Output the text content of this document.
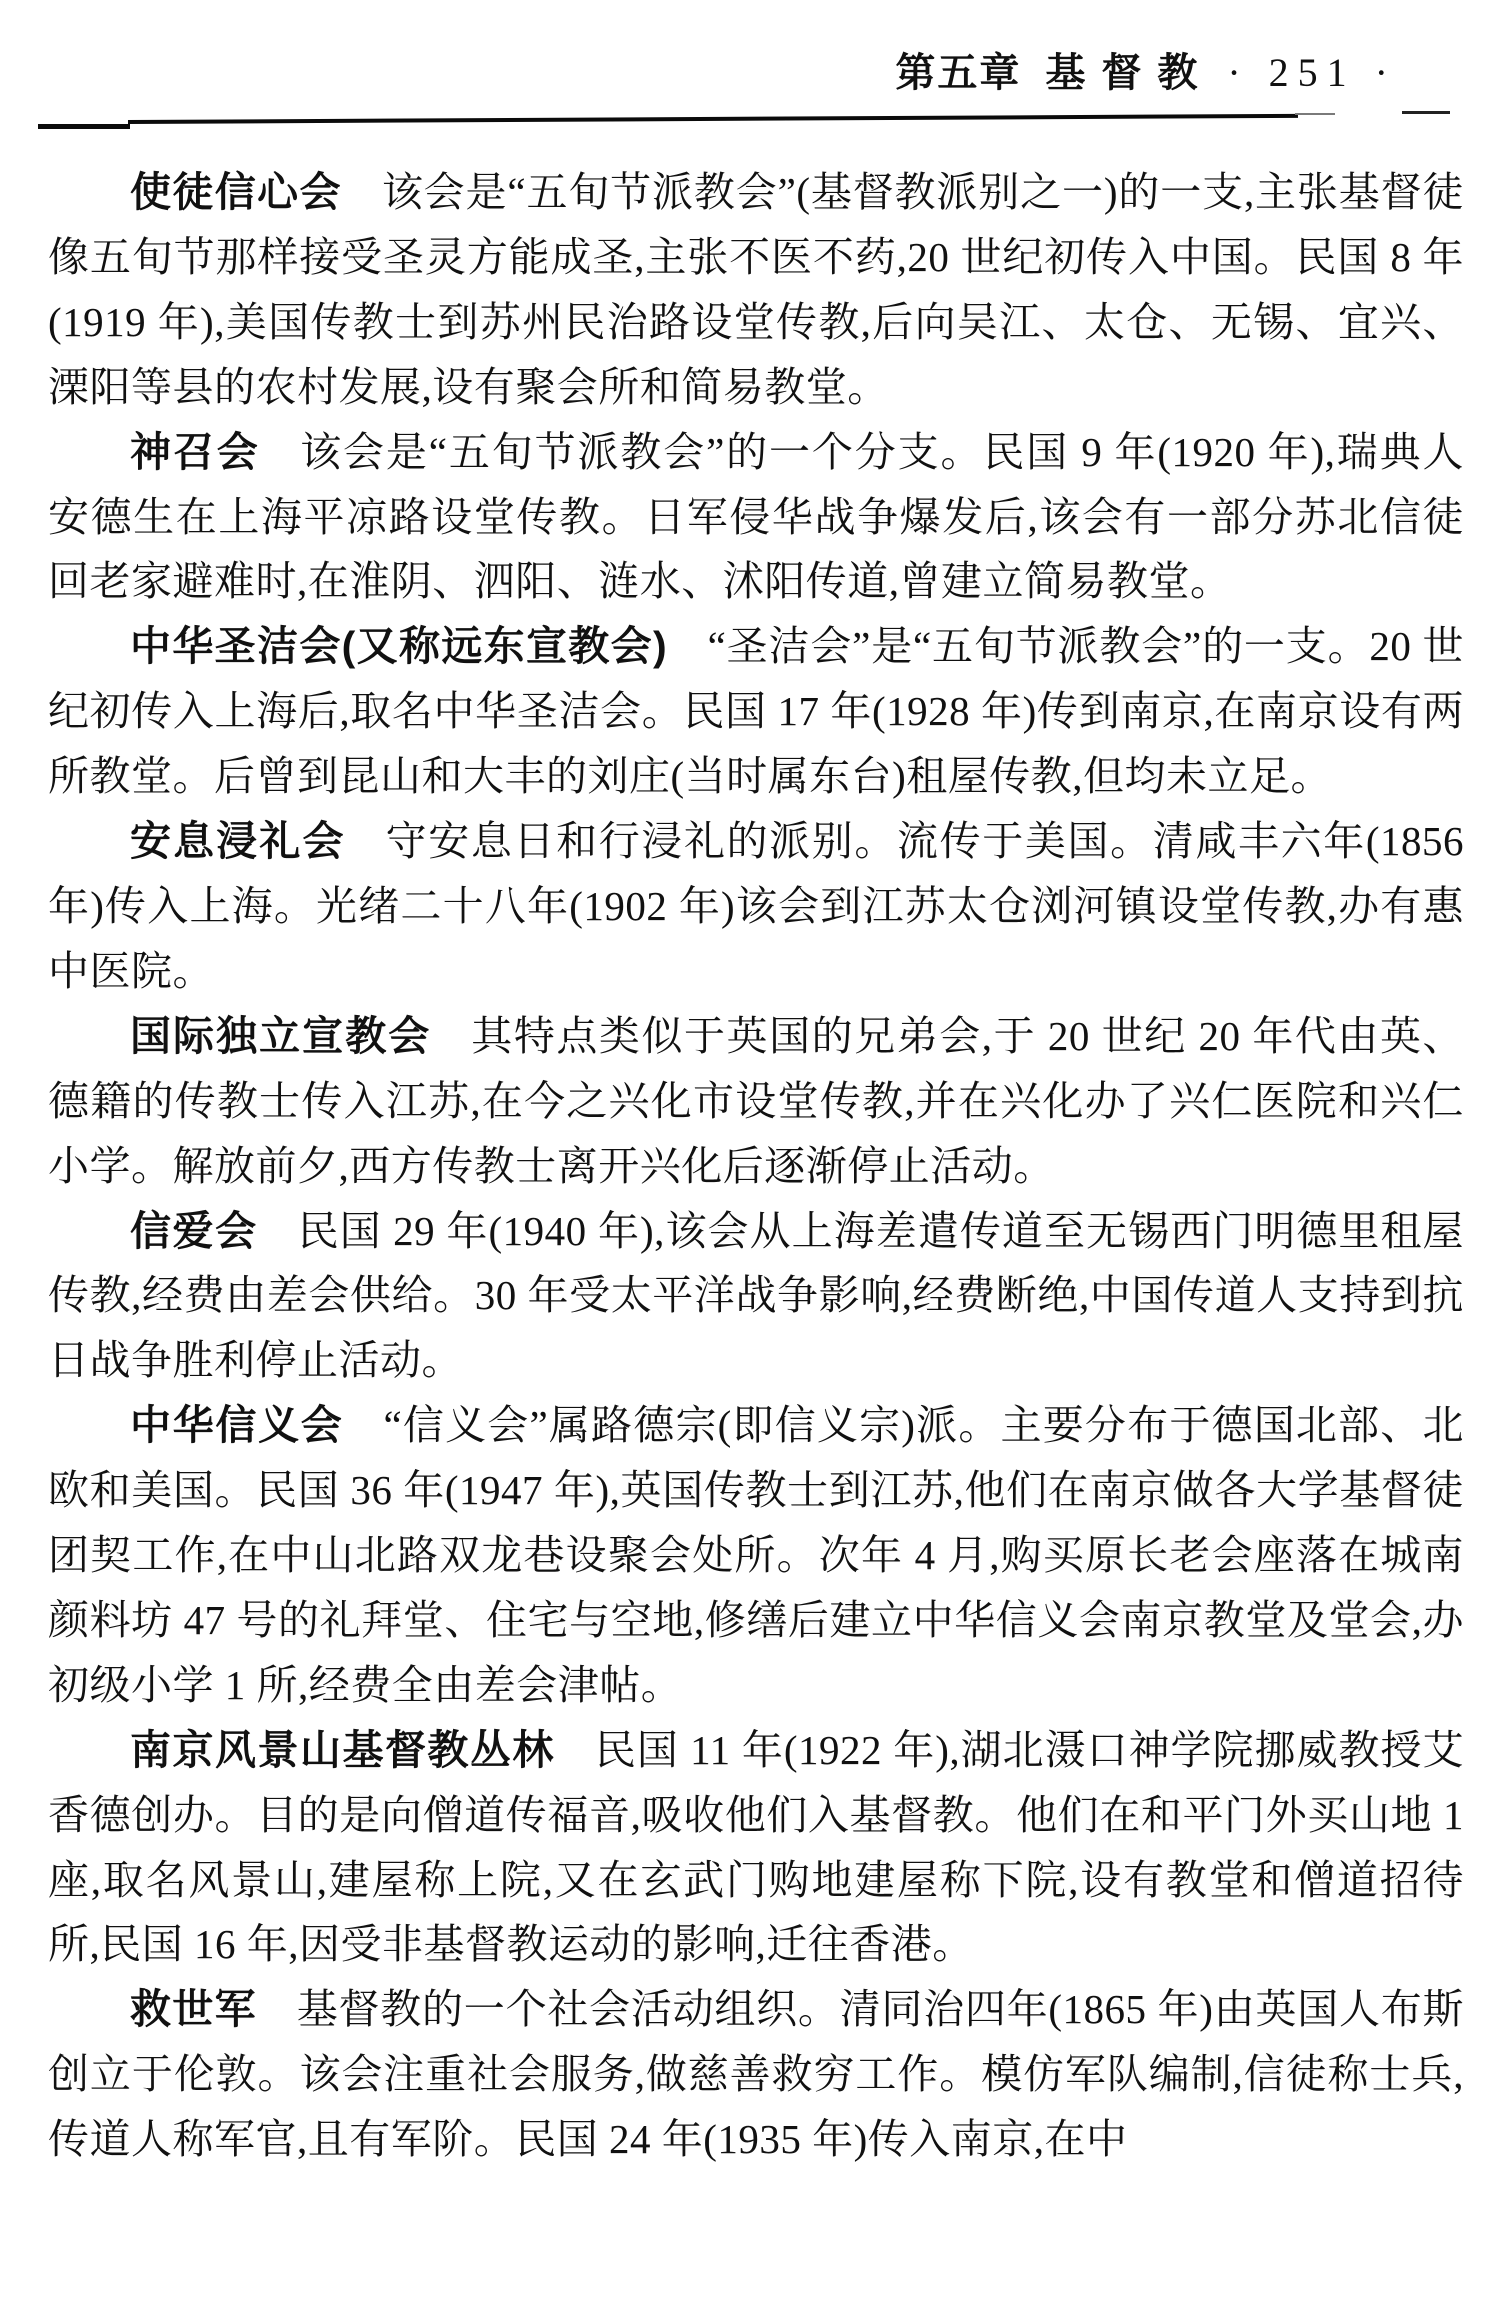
第五章 基督教 · 251 ·

使徒信心会 该会是“五旬节派教会”(基督教派别之一)的一支,主张基督徒像五旬节那样接受圣灵方能成圣,主张不医不药,20 世纪初传入中国。民国 8 年(1919 年),美国传教士到苏州民治路设堂传教,后向吴江、太仓、无锡、宜兴、溧阳等县的农村发展,设有聚会所和简易教堂。

神召会 该会是“五旬节派教会”的一个分支。民国 9 年(1920 年),瑞典人安德生在上海平凉路设堂传教。日军侵华战争爆发后,该会有一部分苏北信徒回老家避难时,在淮阴、泗阳、涟水、沭阳传道,曾建立简易教堂。

中华圣洁会(又称远东宣教会) “圣洁会”是“五旬节派教会”的一支。20 世纪初传入上海后,取名中华圣洁会。民国 17 年(1928 年)传到南京,在南京设有两所教堂。后曾到昆山和大丰的刘庄(当时属东台)租屋传教,但均未立足。

安息浸礼会 守安息日和行浸礼的派别。流传于美国。清咸丰六年(1856 年)传入上海。光绪二十八年(1902 年)该会到江苏太仓浏河镇设堂传教,办有惠中医院。

国际独立宣教会 其特点类似于英国的兄弟会,于 20 世纪 20 年代由英、德籍的传教士传入江苏,在今之兴化市设堂传教,并在兴化办了兴仁医院和兴仁小学。解放前夕,西方传教士离开兴化后逐渐停止活动。

信爱会 民国 29 年(1940 年),该会从上海差遣传道至无锡西门明德里租屋传教,经费由差会供给。30 年受太平洋战争影响,经费断绝,中国传道人支持到抗日战争胜利停止活动。

中华信义会 “信义会”属路德宗(即信义宗)派。主要分布于德国北部、北欧和美国。民国 36 年(1947 年),英国传教士到江苏,他们在南京做各大学基督徒团契工作,在中山北路双龙巷设聚会处所。次年 4 月,购买原长老会座落在城南颜料坊 47 号的礼拜堂、住宅与空地,修缮后建立中华信义会南京教堂及堂会,办初级小学 1 所,经费全由差会津帖。

南京风景山基督教丛林 民国 11 年(1922 年),湖北滠口神学院挪威教授艾香德创办。目的是向僧道传福音,吸收他们入基督教。他们在和平门外买山地 1 座,取名风景山,建屋称上院,又在玄武门购地建屋称下院,设有教堂和僧道招待所,民国 16 年,因受非基督教运动的影响,迁往香港。

救世军 基督教的一个社会活动组织。清同治四年(1865 年)由英国人布斯创立于伦敦。该会注重社会服务,做慈善救穷工作。模仿军队编制,信徒称士兵,传道人称军官,且有军阶。民国 24 年(1935 年)传入南京,在中
